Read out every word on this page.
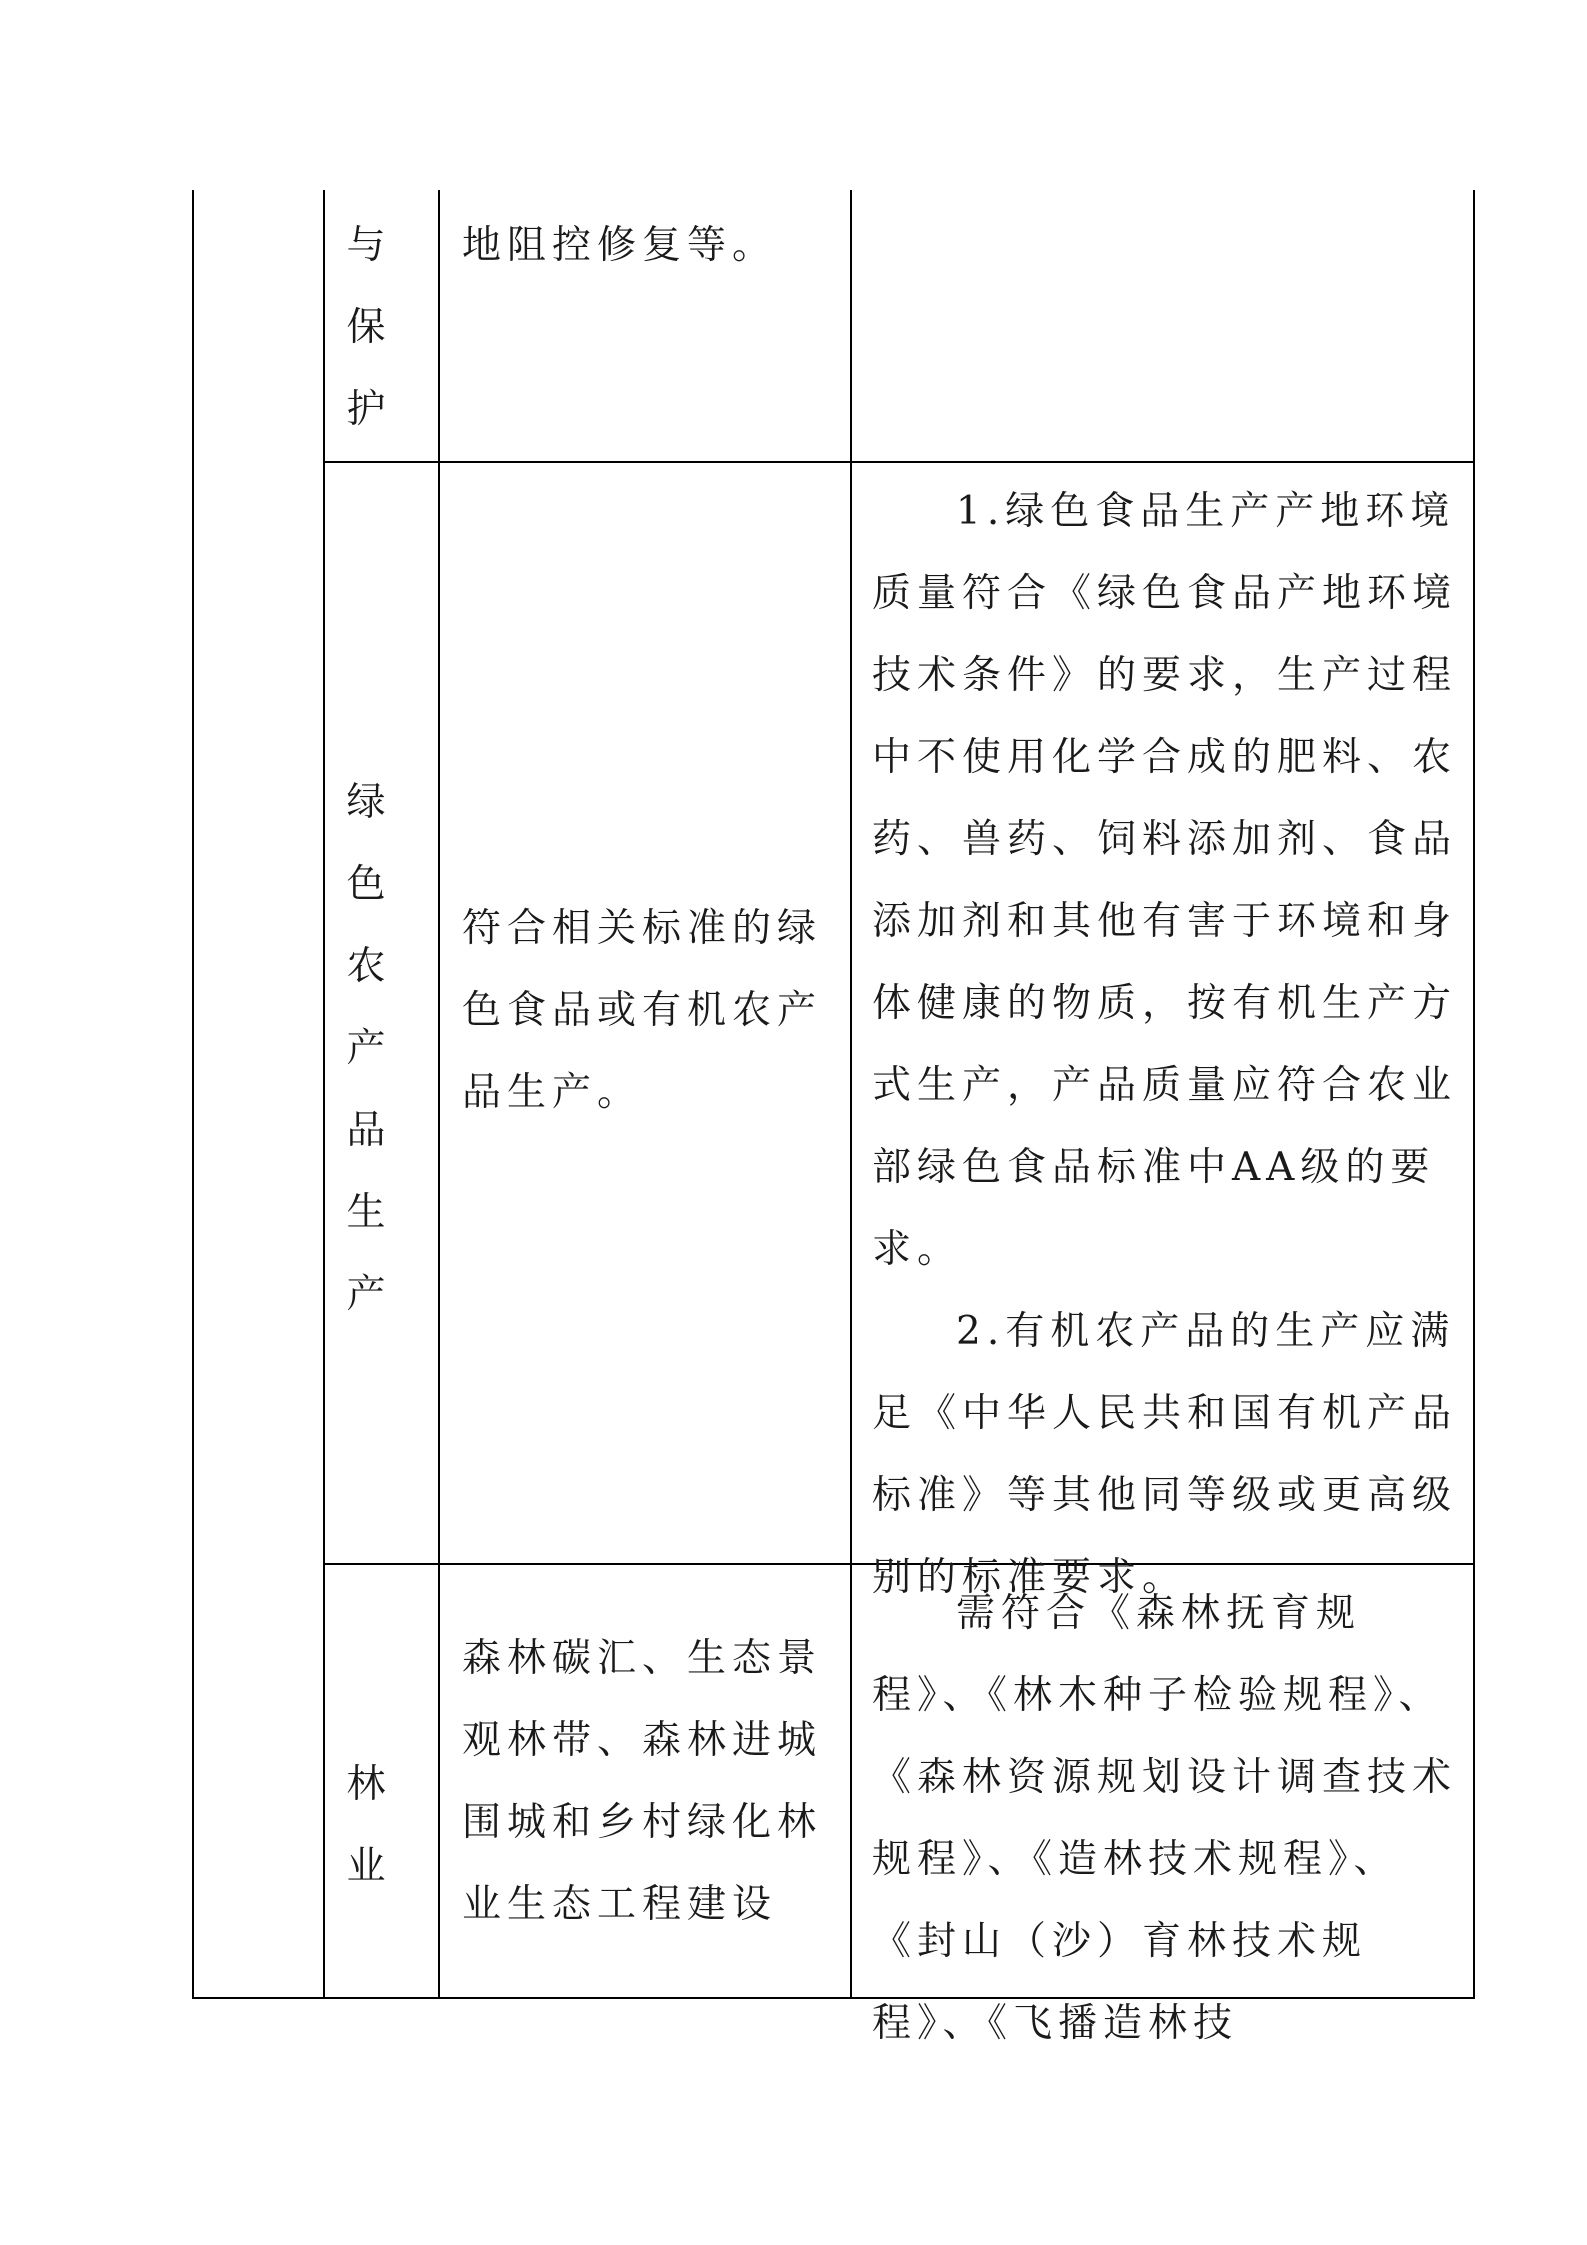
与
保
护

地阻控修复等。

绿
色
农
产
品
生
产

符合相关标准的绿色食品或有机农产品生产。

1.绿色食品生产产地环境质量符合《绿色食品产地环境技术条件》的要求，生产过程中不使用化学合成的肥料、农药、兽药、饲料添加剂、食品添加剂和其他有害于环境和身体健康的物质，按有机生产方式生产，产品质量应符合农业部绿色食品标准中AA级的要求。

2.有机农产品的生产应满足《中华人民共和国有机产品标准》等其他同等级或更高级别的标准要求。

林
业

森林碳汇、生态景观林带、森林进城围城和乡村绿化林业生态工程建设

需符合《森林抚育规程》、《林木种子检验规程》、《森林资源规划设计调查技术规程》、《造林技术规程》、《封山（沙）育林技术规程》、《飞播造林技
